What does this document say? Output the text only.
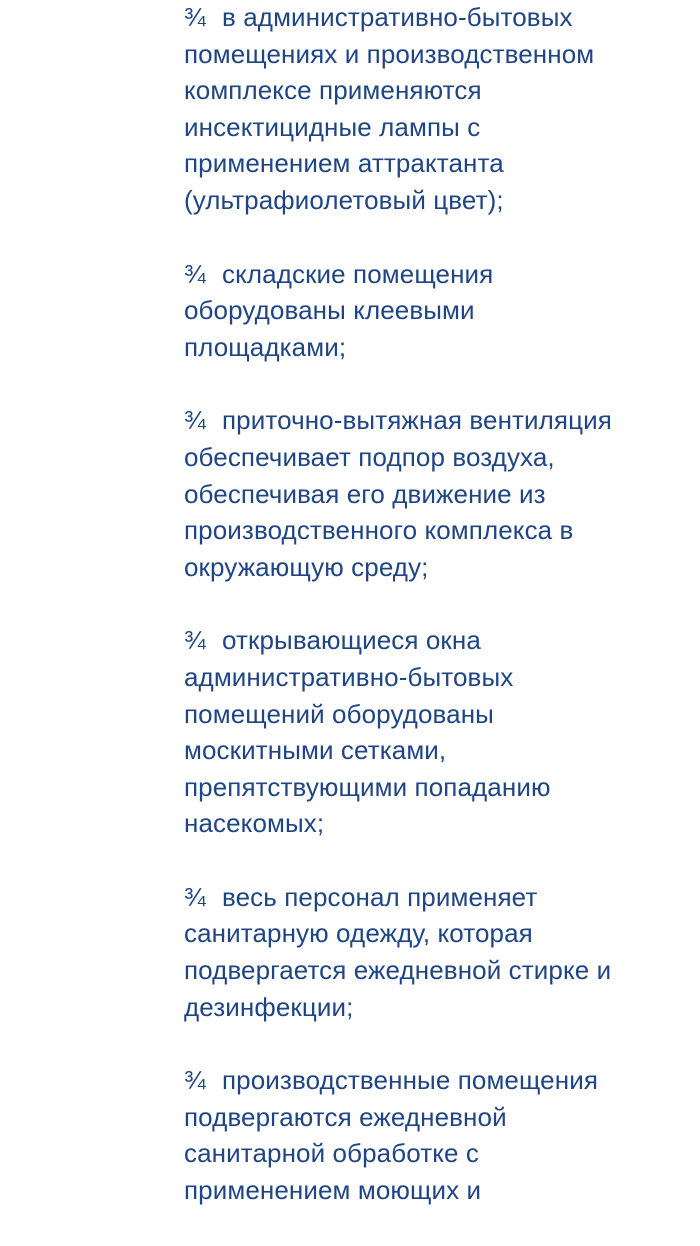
¾ в административно-бытовых
помещениях и производственном
комплексе применяются
инсектицидные лампы с
применением аттрактанта
(ультрафиолетовый цвет);
¾ складские помещения
оборудованы клеевыми
площадками;
¾ приточно-вытяжная вентиляция
обеспечивает подпор воздуха,
обеспечивая его движение из
производственного комплекса в
окружающую среду;
¾ открывающиеся окна
административно-бытовых
помещений оборудованы
москитными сетками,
препятствующими попаданию
насекомых;
¾ весь персонал применяет
санитарную одежду, которая
подвергается ежедневной стирке и
дезинфекции;
¾ производственные помещения
подвергаются ежедневной
санитарной обработке с
применением моющих и
